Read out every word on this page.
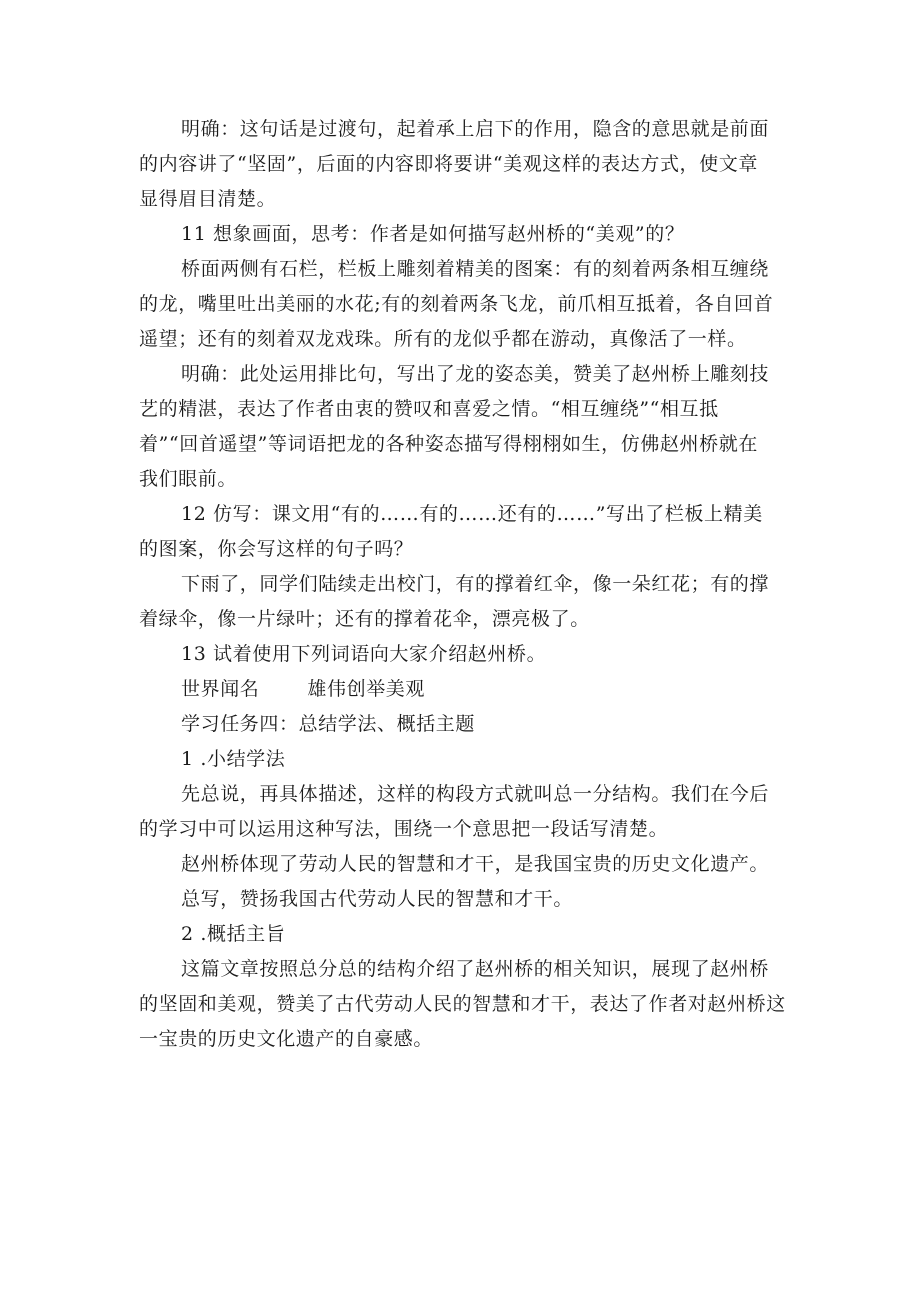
明确：这句话是过渡句，起着承上启下的作用，隐含的意思就是前面
的内容讲了“坚固”，后面的内容即将要讲“美观这样的表达方式，使文章
显得眉目清楚。

11 想象画面，思考：作者是如何描写赵州桥的“美观”的？

桥面两侧有石栏，栏板上雕刻着精美的图案：有的刻着两条相互缠绕
的龙，嘴里吐出美丽的水花;有的刻着两条飞龙，前爪相互抵着，各自回首
遥望；还有的刻着双龙戏珠。所有的龙似乎都在游动，真像活了一样。

明确：此处运用排比句，写出了龙的姿态美，赞美了赵州桥上雕刻技
艺的精湛，表达了作者由衷的赞叹和喜爱之情。“相互缠绕”“相互抵
着”“回首遥望”等词语把龙的各种姿态描写得栩栩如生，仿佛赵州桥就在
我们眼前。

12 仿写：课文用“有的……有的……还有的……”写出了栏板上精美
的图案，你会写这样的句子吗？

下雨了，同学们陆续走出校门，有的撑着红伞，像一朵红花；有的撑
着绿伞，像一片绿叶；还有的撑着花伞，漂亮极了。

13 试着使用下列词语向大家介绍赵州桥。

世界闻名	雄伟创举美观

学习任务四：总结学法、概括主题

1 .小结学法

先总说，再具体描述，这样的构段方式就叫总一分结构。我们在今后
的学习中可以运用这种写法，围绕一个意思把一段话写清楚。

赵州桥体现了劳动人民的智慧和才干，是我国宝贵的历史文化遗产。

总写，赞扬我国古代劳动人民的智慧和才干。

2 .概括主旨

这篇文章按照总分总的结构介绍了赵州桥的相关知识，展现了赵州桥
的坚固和美观，赞美了古代劳动人民的智慧和才干，表达了作者对赵州桥这
一宝贵的历史文化遗产的自豪感。
